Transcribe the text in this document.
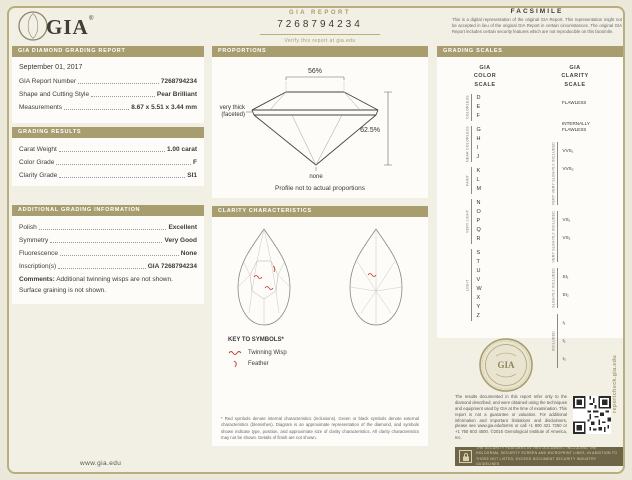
GIA ®
GIA REPORT
7268794234
Verify this report at gia.edu
FACSIMILE
This is a digital representation of the original GIA Report. This representation might not be accepted in lieu of the original GIA Report in certain circumstances. The original GIA Report includes certain security features which are not reproducible on this facsimile.
GIA DIAMOND GRADING REPORT
September 01, 2017
GIA Report Number	7268794234
Shape and Cutting Style	Pear Brilliant
Measurements	8.67 x 5.51 x 3.44 mm
GRADING RESULTS
Carat Weight	1.00 carat
Color Grade	F
Clarity Grade	SI1
ADDITIONAL GRADING INFORMATION
Polish	Excellent
Symmetry	Very Good
Fluorescence	None
Inscription(s)	GIA 7268794234
Comments: Additional twinning wisps are not shown.
Surface graining is not shown.
PROPORTIONS
56%
very thick
(faceted)
62.5%
none
Profile not to actual proportions
CLARITY CHARACTERISTICS
KEY TO SYMBOLS*
Twinning Wisp
Feather
* Red symbols denote internal characteristics (inclusions). Green or black symbols denote external characteristics (blemishes). Diagram is an approximate representation of the diamond, and symbols shown indicate type, position, and approximate size of clarity characteristics. All clarity characteristics may not be shown. Details of finish are not shown.
GRADING SCALES
GIA
COLOR
SCALE
COLORLESS D
E
F
NEAR COLORLESS G
H
I
J
FAINT
K
L
M
VERY LIGHT
N
O
P
Q
R
LIGHT
S
T
U
V
W
X
Y
Z
GIA
CLARITY
SCALE
FLAWLESS
INTERNALLY FLAWLESS
VERY VERY SLIGHTLY INCLUDED	VVS₁
VVS₂
VERY SLIGHTLY INCLUDED	VS₁
VS₂
SLIGHTLY INCLUDED	SI₁
SI₂
INCLUDED
I₁
I₂
I₃
GIA
The results documented in this report refer only to the diamond described, and were obtained using the techniques and equipment used by GIA at the time of examination. This report is not a guarantee or valuation. For additional information and important limitations and disclaimers, please see www.gia.edu/terms or call +1 800 421 7250 or +1 760 603 4500. ©2016 Gemological Institute of America, Inc.
reportcheck.gia.edu
THE SECURITY FEATURES IN THIS DOCUMENT, INCLUDING THE HOLOGRAM, SECURITY SCREEN AND MICROPRINT LINES, IN ADDITION TO THOSE NOT LISTED, EXCEED DOCUMENT SECURITY INDUSTRY GUIDELINES
www.gia.edu
